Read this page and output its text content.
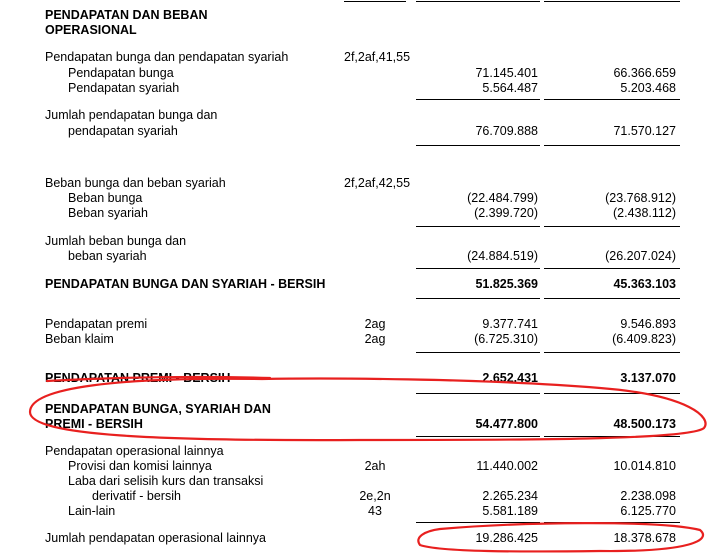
PENDAPATAN DAN BEBAN
OPERASIONAL
Pendapatan bunga dan pendapatan syariah	2f,2af,41,55
Pendapatan bunga	71.145.401	66.366.659
Pendapatan syariah	5.564.487	5.203.468
Jumlah pendapatan bunga dan
pendapatan syariah	76.709.888	71.570.127
Beban bunga dan beban syariah	2f,2af,42,55
Beban bunga	(22.484.799)	(23.768.912)
Beban syariah	(2.399.720)	(2.438.112)
Jumlah beban bunga dan
beban syariah	(24.884.519)	(26.207.024)
PENDAPATAN BUNGA DAN SYARIAH - BERSIH	51.825.369	45.363.103
Pendapatan premi	2ag	9.377.741	9.546.893
Beban klaim	2ag	(6.725.310)	(6.409.823)
PENDAPATAN PREMI - BERSIH	2.652.431	3.137.070
PENDAPATAN BUNGA, SYARIAH DAN
PREMI - BERSIH	54.477.800	48.500.173
Pendapatan operasional lainnya
Provisi dan komisi lainnya	2ah	11.440.002	10.014.810
Laba dari selisih kurs dan transaksi
derivatif - bersih	2e,2n	2.265.234	2.238.098
Lain-lain	43	5.581.189	6.125.770
Jumlah pendapatan operasional lainnya	19.286.425	18.378.678
